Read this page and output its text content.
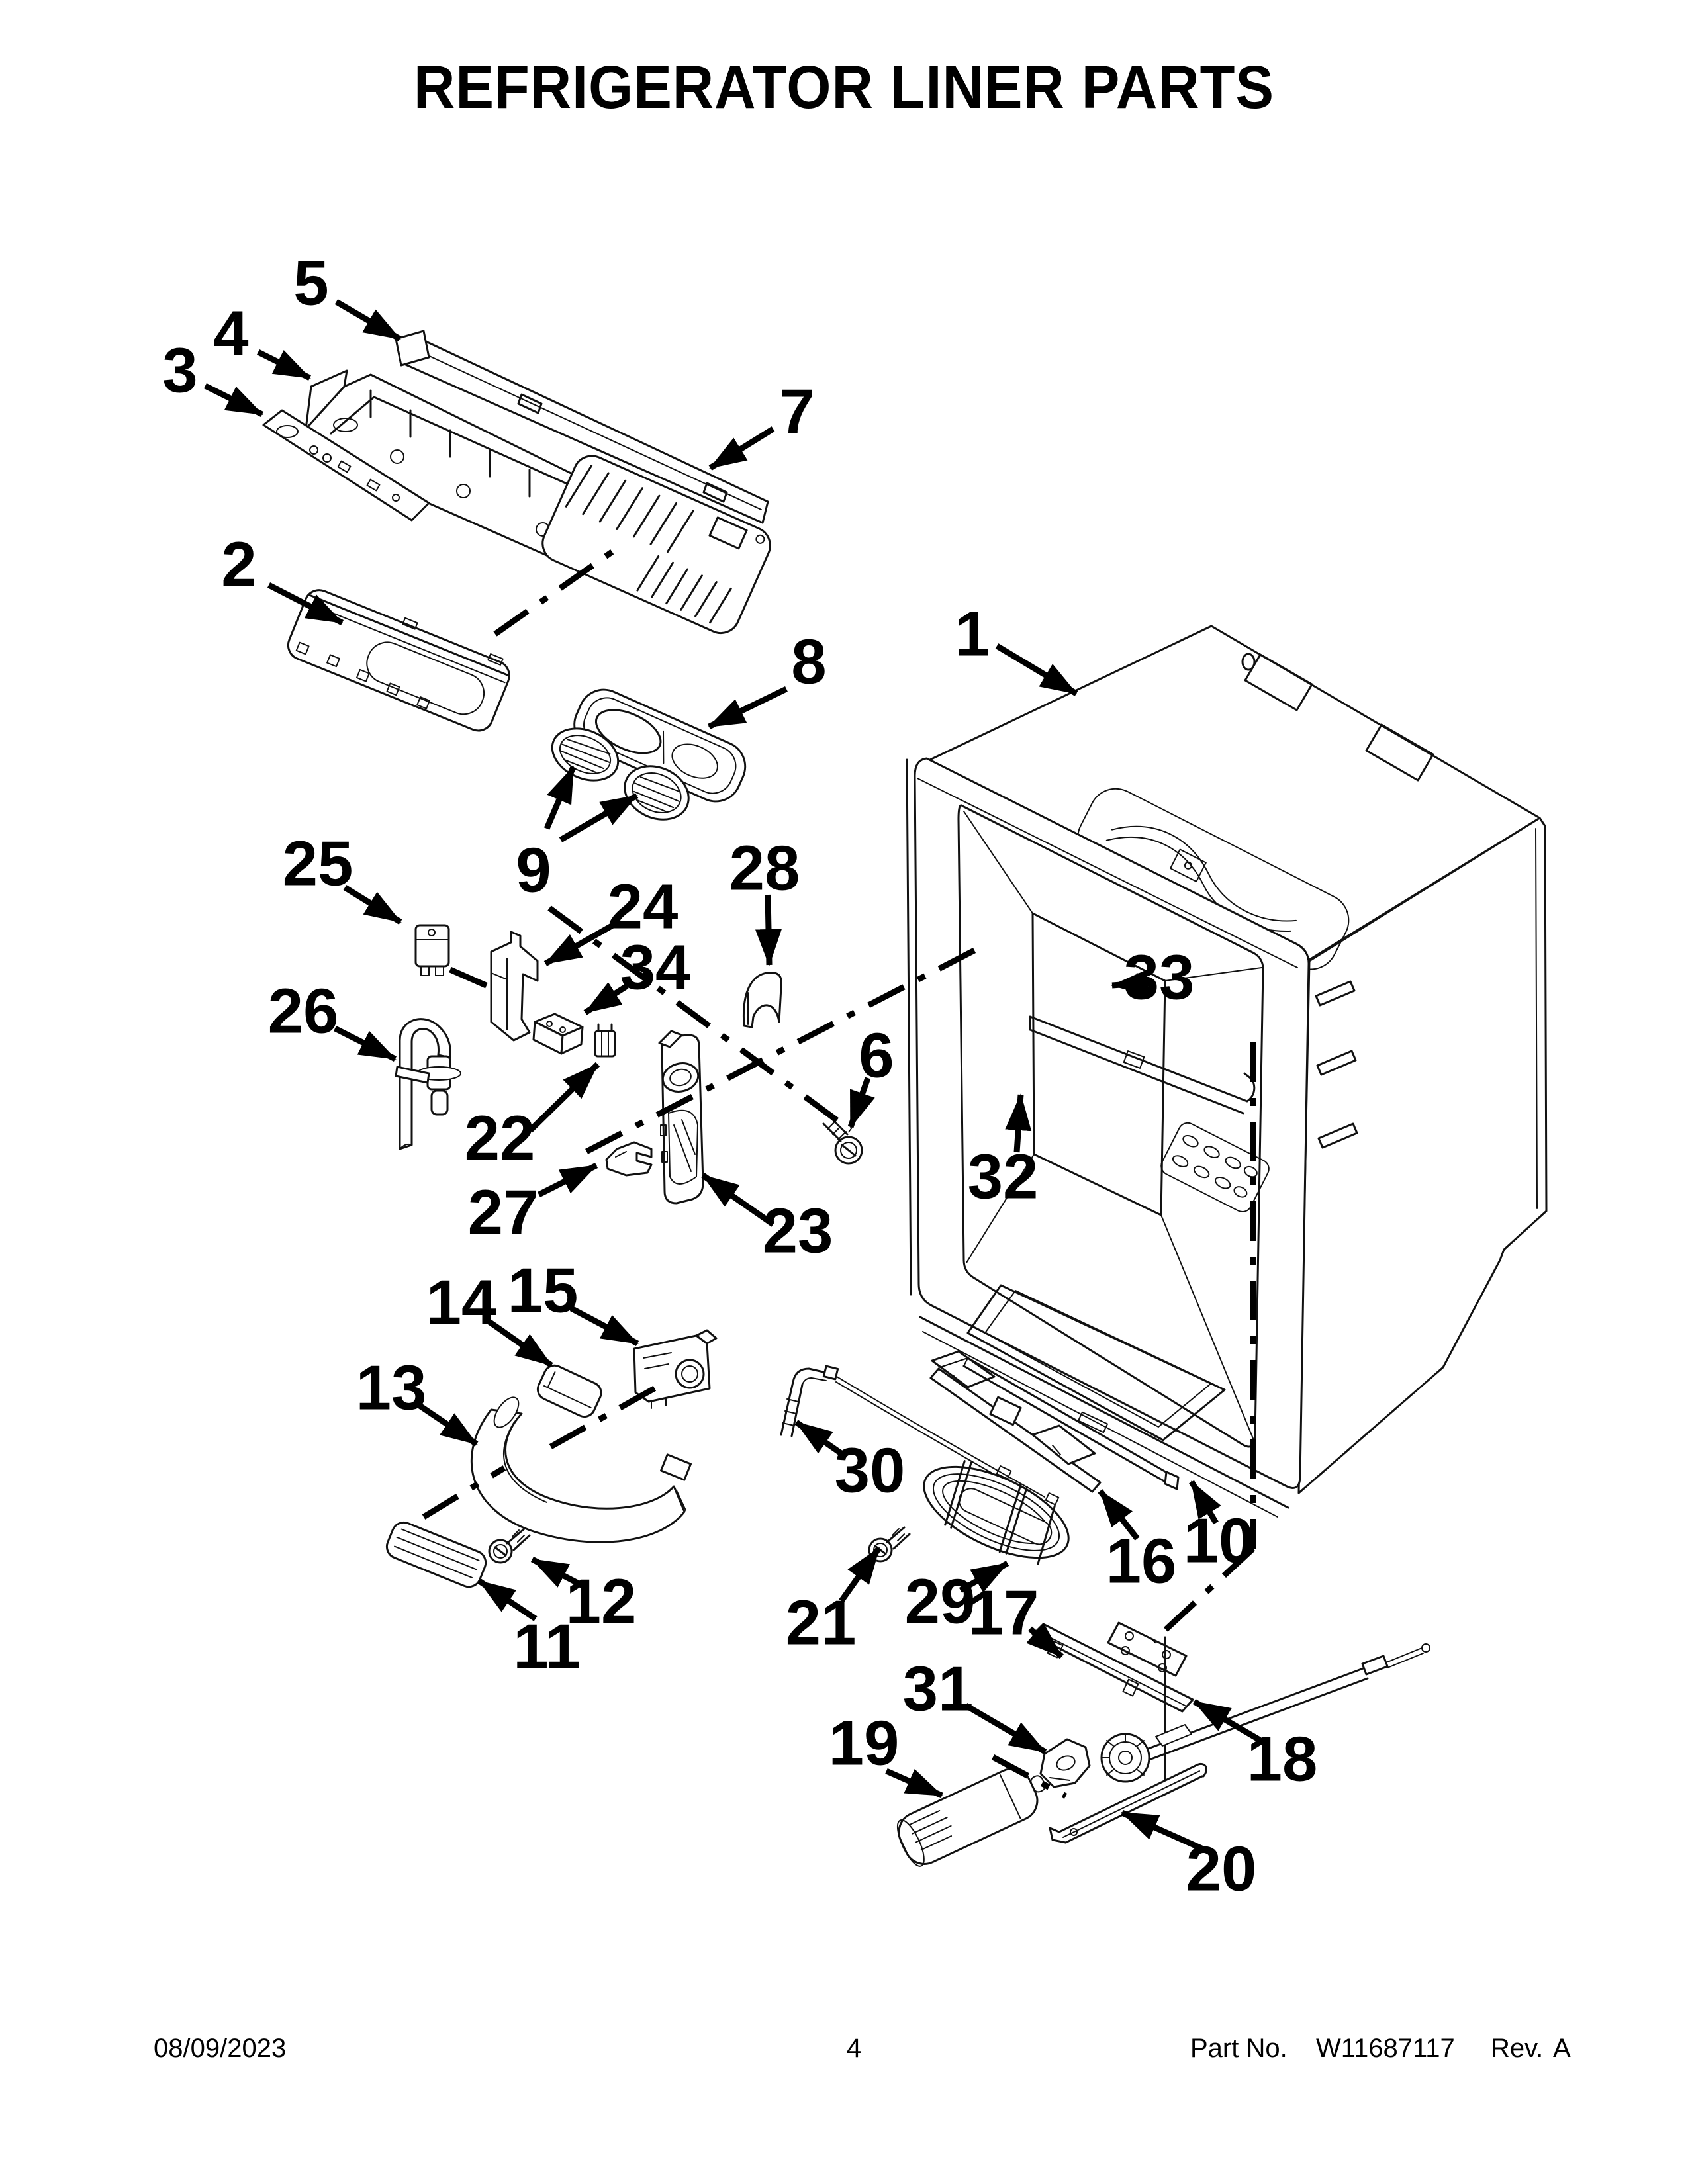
REFRIGERATOR LINER PARTS
1
2
3
4
5
6
7
8
9
10
11
12
13
14 15
16
17
18
19
20
21
22
23
24
25
26
27
28
29
30
31
32
33
34
08/09/2023	4	Part No. W11687117 Rev. A
